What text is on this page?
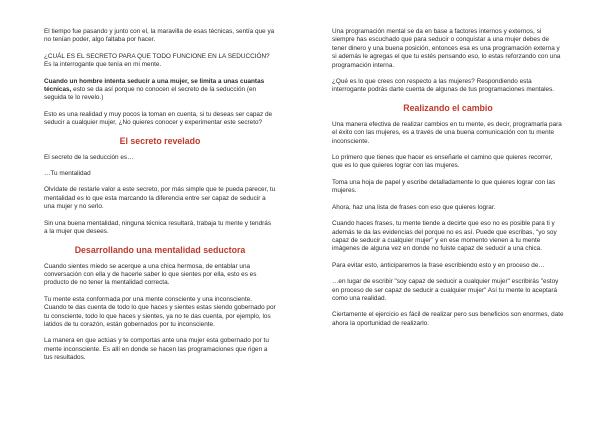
El tiempo fue pasando y junto con el, la maravilla de esas técnicas, sentía que ya no tenían poder, algo faltaba por hacer.

¿CUÁL ES EL SECRETO PARA QUE TODO FUNCIONE EN LA SEDUCCIÓN? Es la interrogante que tenía en mi mente.

Cuando un hombre intenta seducir a una mujer, se limita a unas cuantas técnicas, esto se da así porque no conocen el secreto de la seducción (en seguida te lo revelo.)

Esto es una realidad y muy pocos la toman en cuenta, si tu deseas ser capaz de seducir a cualquier mujer, ¿No quieres conocer y experimentar este secreto?

El secreto revelado

El secreto de la seducción es…

…Tu mentalidad

Olvídate de restarle valor a este secreto, por más simple que te pueda parecer, tu mentalidad es lo que esta marcando la diferencia entre ser capaz de seducir a una mujer y no serlo.

Sin una buena mentalidad, ninguna técnica resultará, trabaja tu mente y tendrás a la mujer que desees.

Desarrollando una mentalidad seductora

Cuando sientes miedo se acerque a una chica hermosa, de entablar una conversación con ella y de hacerle saber lo que sientes por ella, esto es es producto de no tener la mentalidad correcta.

Tu mente esta conformada por una mente consciente y una inconsciente. Cuando te das cuenta de todo lo que haces y sientes estas siendo gobernado por tu consciente, todo lo que haces y sientes, ya no te das cuenta, por ejemplo, los latidos de tu corazón, están gobernados por tu inconsciente.

La manera en que actúas y te comportas ante una mujer esta gobernado por tu mente inconsciente. Es allí en donde se hacen las programaciones que rigen a tus resultados.

Una programación mental se da en base a factores internos y externos, si siempre has escuchado que para seducir o conquistar a una mujer debes de tener dinero y una buena posición, entonces esa es una programación externa y si además le agregas el que tu estés pensando eso, lo estas reforzando con una programación interna.

¿Qué es lo que crees con respecto a las mujeres? Respondiendo esta interrogante podrás darte cuenta de algunas de tus programaciones mentales.

Realizando el cambio

Una manera efectiva de realizar cambios en tu mente, es decir, programarla para el éxito con las mujeres, es a través de una buena comunicación con tu mente inconsciente.

Lo primero que tienes que hacer es enseñarle el camino que quieres recorrer, que es lo que quieres lograr con las mujeres.

Toma una hoja de papel y escribe detalladamente lo que quieres lograr con las mujeres.

Ahora, haz una lista de frases con eso que quieres lograr.

Cuando haces frases, tu mente tiende a decirte que eso no es posible para ti y además te da las evidencias del porque no es así. Puede que escribas, "yo soy capaz de seducir a cualquier mujer" y en ese momento vienen a tu mente imágenes de alguna vez en donde no fuiste capaz de seducir a una chica.

Para evitar esto, anticiparemos la frase escribiendo esto y en proceso de…

…en lugar de escribir "soy capaz de seducir a cualquier mujer" escribirás "estoy en proceso de ser capaz de seducir a cualquier mujer" Así tu mente lo aceptará como una realidad.

Ciertamente el ejercicio es fácil de realizar pero sus beneficios son enormes, date ahora la oportunidad de realizarlo.
